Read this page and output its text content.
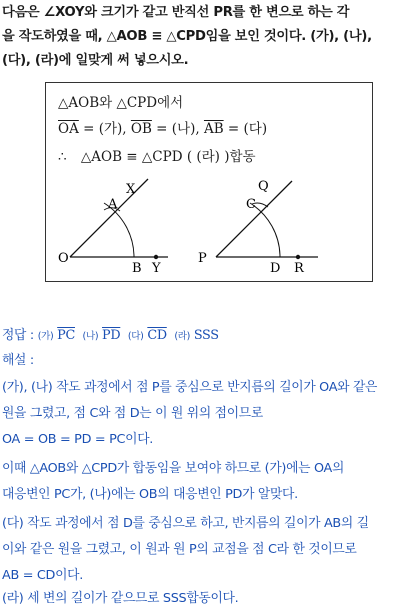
다음은 ∠XOY와 크기가 같고 반직선 PR를 한 변으로 하는 각
을 작도하였을 때, △AOB ≡ △CPD임을 보인 것이다. (가), (나),
(다), (라)에 일맞게 써 넣으시오.
△AOB와 △CPD에서
$\overline{OA}$ = (가), $\overline{OB}$ = (나), $\overline{AB}$ = (다)
∴ △AOB ≡ △CPD ( (라) )합동
X
A
O
B Y
Q
C
P
D R
정답 : (가) $\overline{PC}$ (나) $\overline{PD}$ (다) $\overline{CD}$ (라) SSS
해설 :
(가), (나) 작도 과정에서 점 P를 중심으로 반지름의 길이가 OA와 같은
원을 그렸고, 점 C와 점 D는 이 원 위의 점이므로
OA = OB = PD = PC이다.
이때 △AOB와 △CPD가 합동임을 보여야 하므로 (가)에는 OA의
대응변인 PC가, (나)에는 OB의 대응변인 PD가 알맞다.
(다) 작도 과정에서 점 D를 중심으로 하고, 반지름의 길이가 AB의 길
이와 같은 원을 그렸고, 이 원과 원 P의 교점을 점 C라 한 것이므로
AB = CD이다.
(라) 세 변의 길이가 같으므로 SSS합동이다.
